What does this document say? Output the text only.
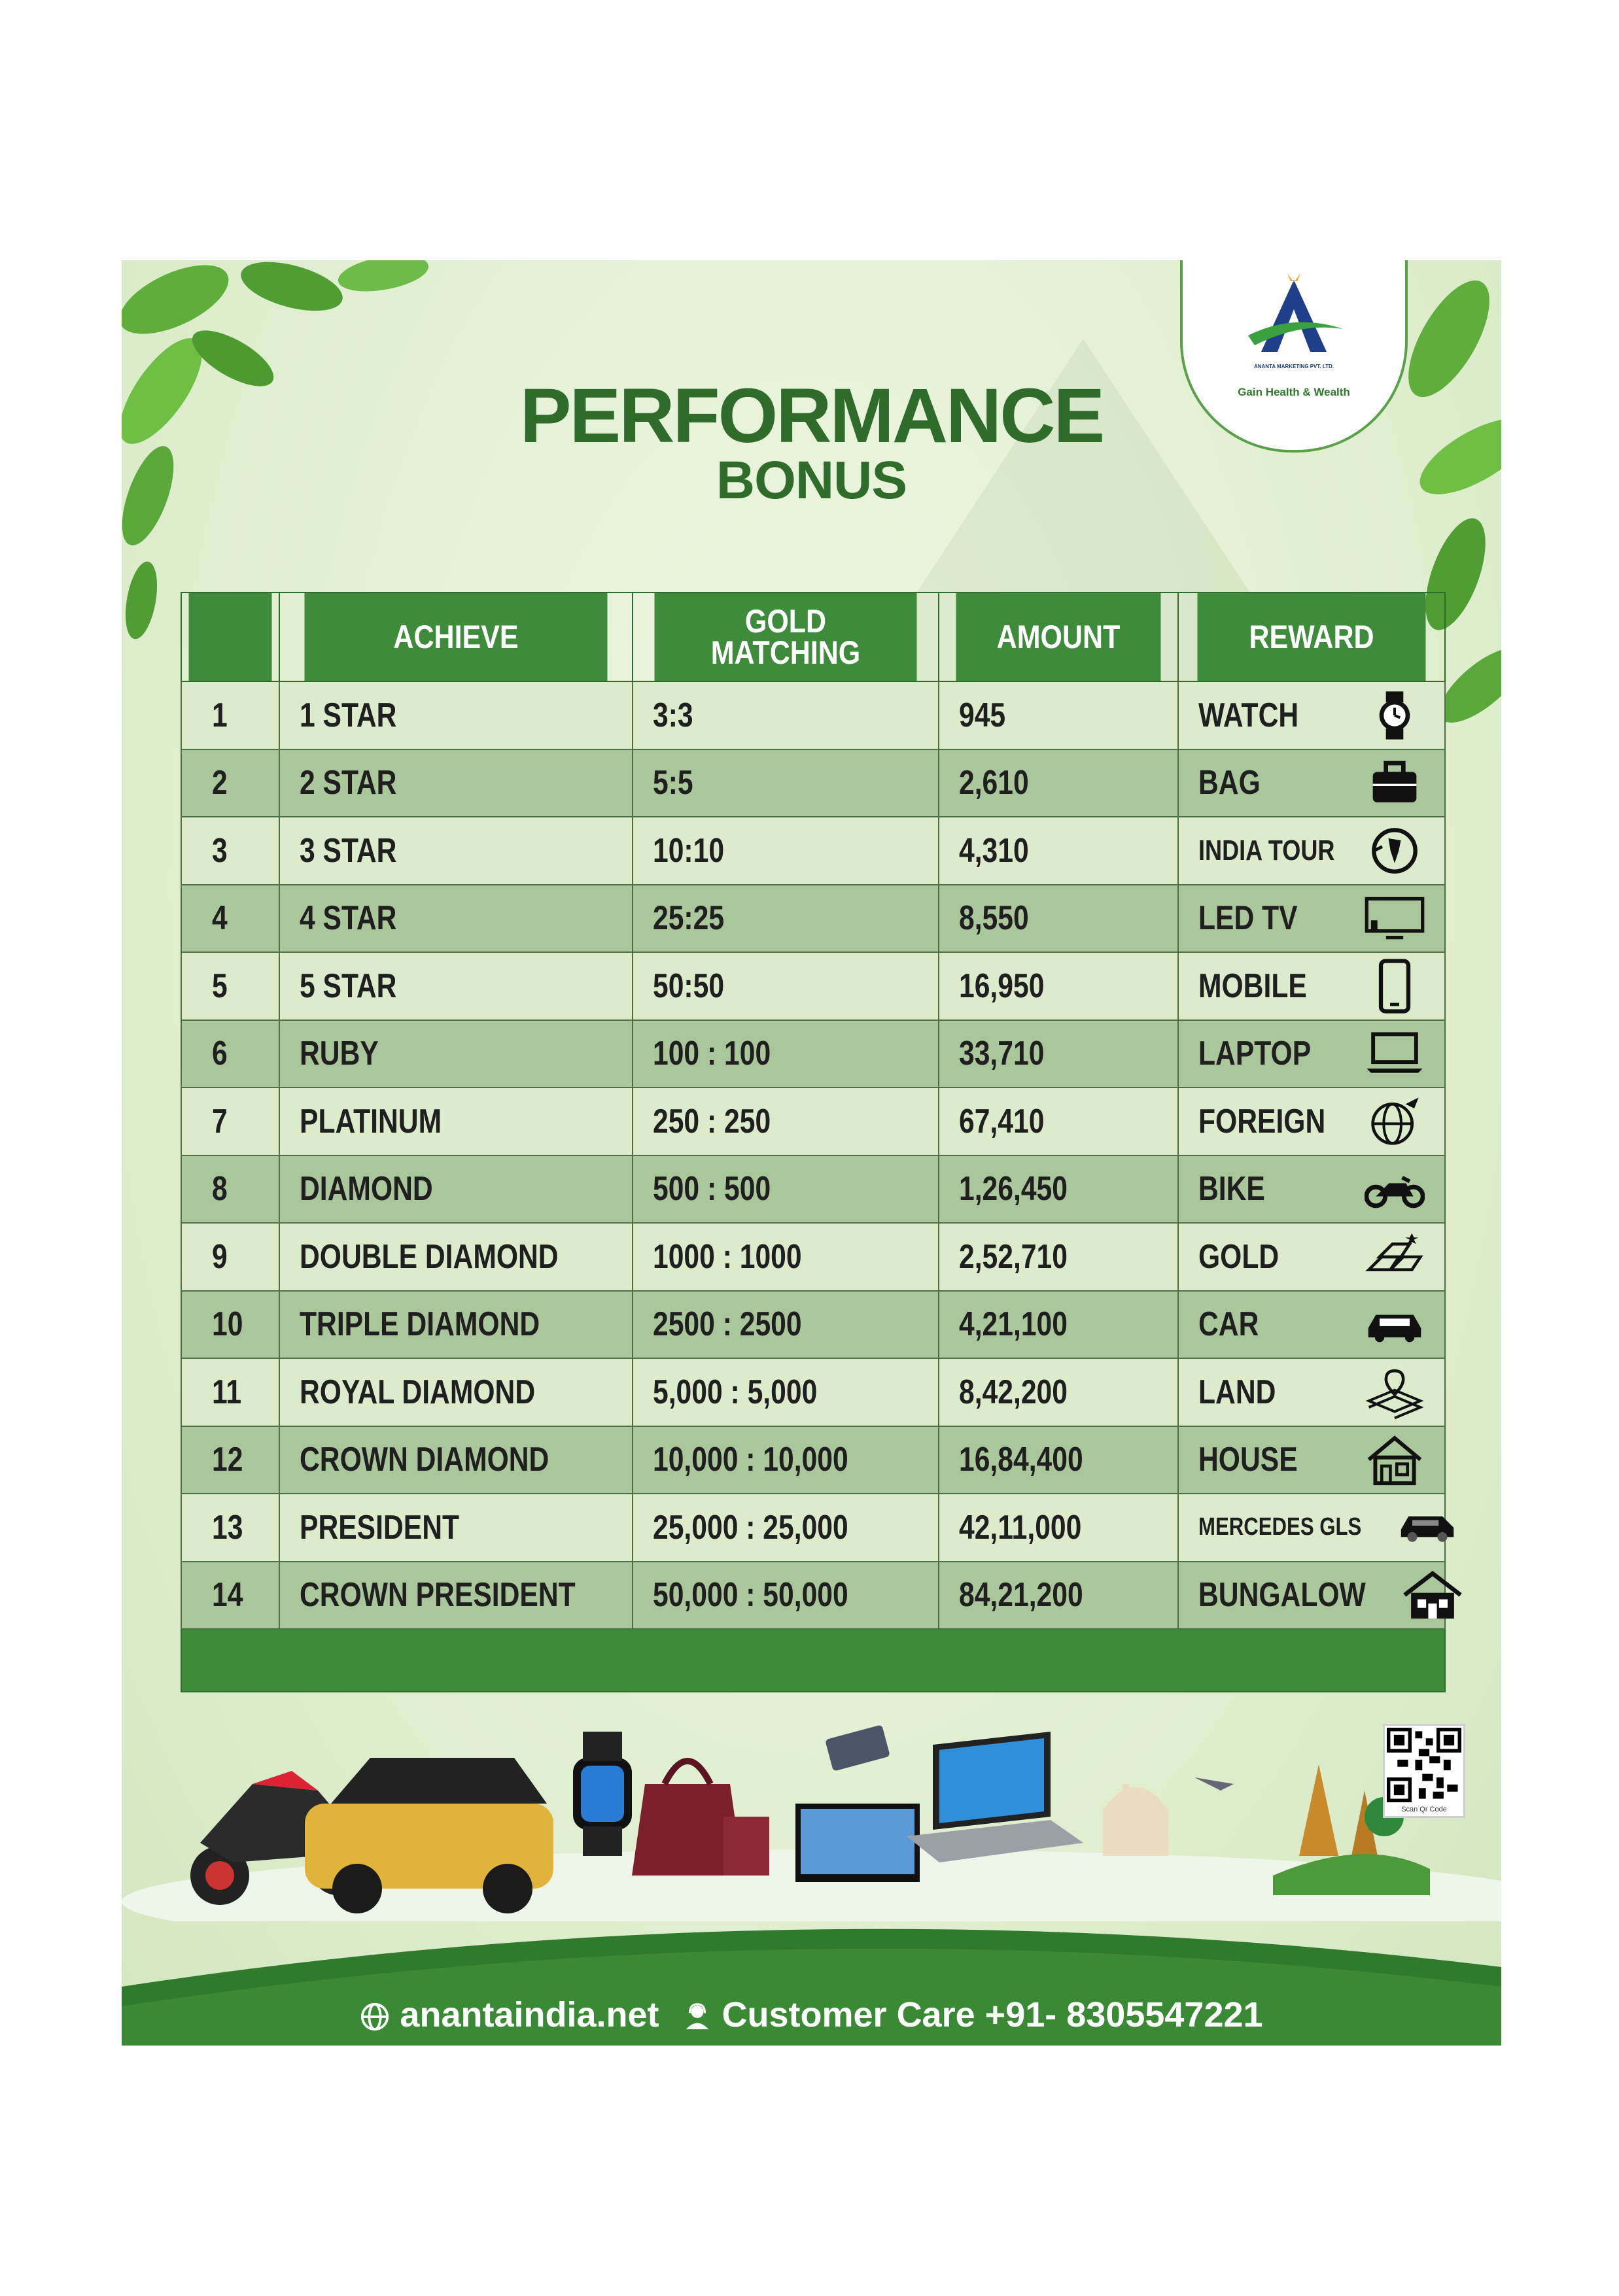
ANANTA MARKETING PVT. LTD.
Gain Health & Wealth
PERFORMANCE
BONUS
	ACHIEVE	GOLD MATCHING	AMOUNT	REWARD
1	1 STAR	3:3	945	WATCH

2	2 STAR	5:5	2,610	BAG

3	3 STAR	10:10	4,310	INDIA TOUR

4	4 STAR	25:25	8,550	LED TV

5	5 STAR	50:50	16,950	MOBILE

6	RUBY	100 : 100	33,710	LAPTOP

7	PLATINUM	250 : 250	67,410	FOREIGN

8	DIAMOND	500 : 500	1,26,450	BIKE

9	DOUBLE DIAMOND	1000 : 1000	2,52,710	GOLD

10	TRIPLE DIAMOND	2500 : 2500	4,21,100	CAR

11	ROYAL DIAMOND	5,000 : 5,000	8,42,200	LAND

12	CROWN DIAMOND	10,000 : 10,000	16,84,400	HOUSE

13	PRESIDENT	25,000 : 25,000	42,11,000	MERCEDES GLS

14	CROWN PRESIDENT	50,000 : 50,000	84,21,200	BUNGALOW

Scan Qr Code
anantaindia.net Customer Care +91- 8305547221
